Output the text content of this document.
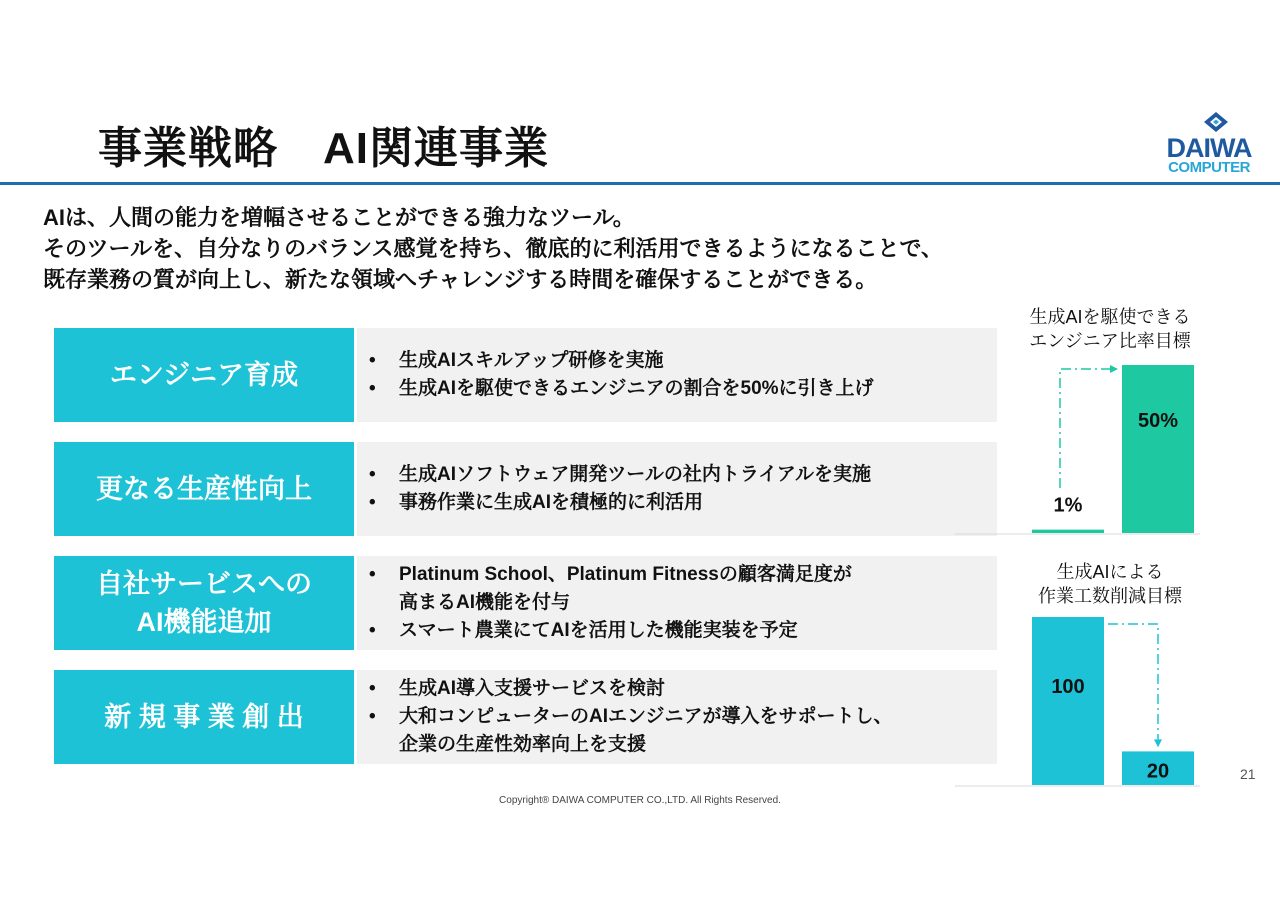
事業戦略　AI関連事業	DAIWA
COMPUTER
AIは、人間の能力を増幅させることができる強力なツール。
そのツールを、自分なりのバランス感覚を持ち、徹底的に利活用できるようになることで、
既存業務の質が向上し、新たな領域へチャレンジする時間を確保することができる。
エンジニア育成	• 生成AIスキルアップ研修を実施
• 生成AIを駆使できるエンジニアの割合を50%に引き上げ
更なる生産性向上	• 生成AIソフトウェア開発ツールの社内トライアルを実施
• 事務作業に生成AIを積極的に利活用
自社サービスへの
AI機能追加
• Platinum School、Platinum Fitnessの顧客満足度が
高まるAI機能を付与
• スマート農業にてAIを活用した機能実装を予定
新 規 事 業 創 出
• 生成AI導入支援サービスを検討
• 大和コンピューターのAIエンジニアが導入をサポートし、
企業の生産性効率向上を支援
生成AIを駆使できる
エンジニア比率目標
1%
50%
生成AIによる
作業工数削減目標
100
20	21
Copyright® DAIWA COMPUTER CO.,LTD. All Rights Reserved.
